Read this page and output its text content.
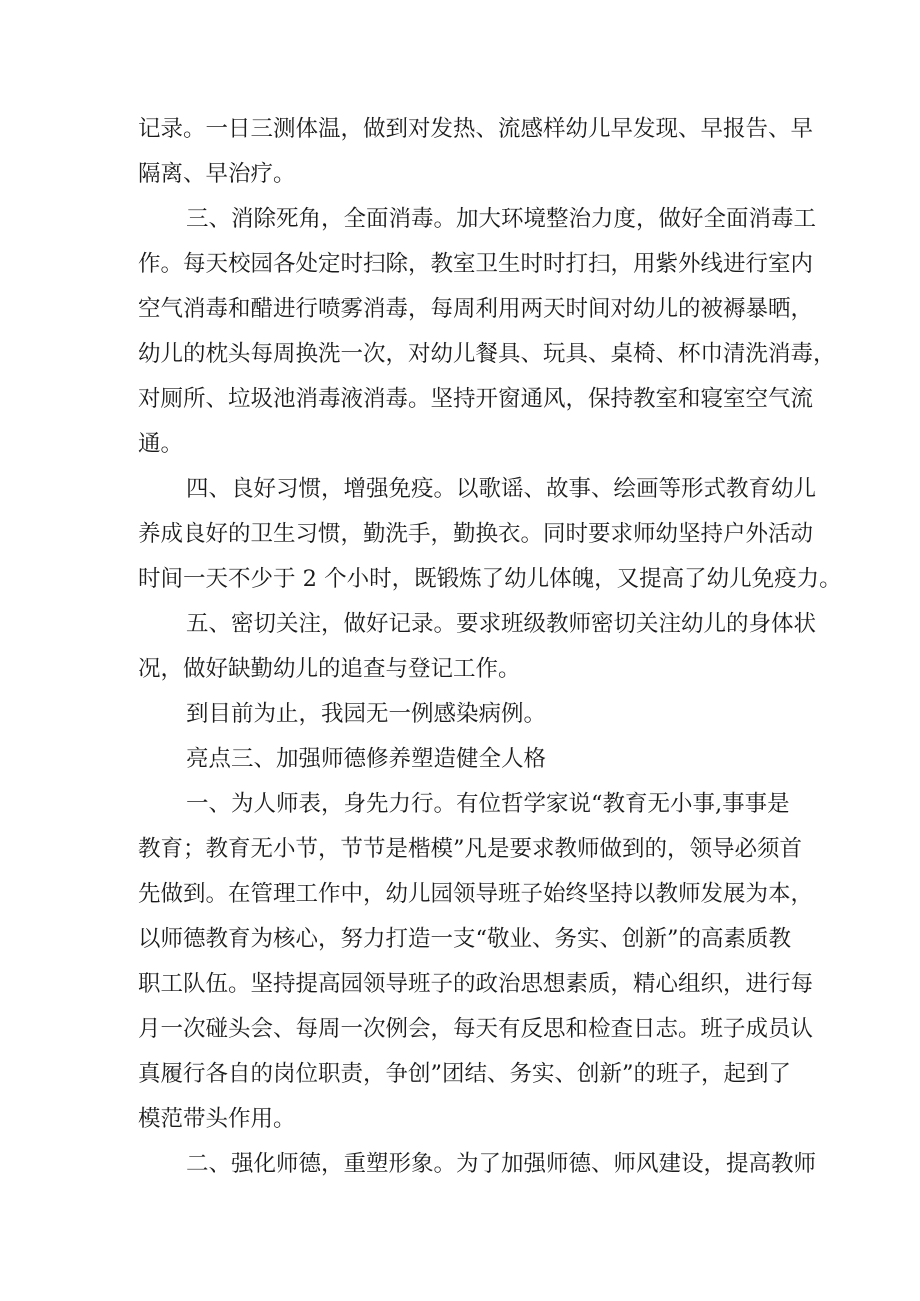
记录。一日三测体温，做到对发热、流感样幼儿早发现、早报告、早
隔离、早治疗。
三、消除死角，全面消毒。加大环境整治力度，做好全面消毒工
作。每天校园各处定时扫除，教室卫生时时打扫，用紫外线进行室内
空气消毒和醋进行喷雾消毒，每周利用两天时间对幼儿的被褥暴晒，
幼儿的枕头每周换洗一次，对幼儿餐具、玩具、桌椅、杯巾清洗消毒，
对厕所、垃圾池消毒液消毒。坚持开窗通风，保持教室和寝室空气流
通。
四、良好习惯，增强免疫。以歌谣、故事、绘画等形式教育幼儿
养成良好的卫生习惯，勤洗手，勤换衣。同时要求师幼坚持户外活动
时间一天不少于 2 个小时，既锻炼了幼儿体魄，又提高了幼儿免疫力。
五、密切关注，做好记录。要求班级教师密切关注幼儿的身体状
况，做好缺勤幼儿的追查与登记工作。
到目前为止，我园无一例感染病例。
亮点三、加强师德修养塑造健全人格
一、为人师表，身先力行。有位哲学家说“教育无小事,事事是
教育；教育无小节，节节是楷模”凡是要求教师做到的，领导必须首
先做到。在管理工作中，幼儿园领导班子始终坚持以教师发展为本，
以师德教育为核心，努力打造一支“敬业、务实、创新”的高素质教
职工队伍。坚持提高园领导班子的政治思想素质，精心组织，进行每
月一次碰头会、每周一次例会，每天有反思和检查日志。班子成员认
真履行各自的岗位职责，争创”团结、务实、创新”的班子，起到了
模范带头作用。
二、强化师德，重塑形象。为了加强师德、师风建设，提高教师
